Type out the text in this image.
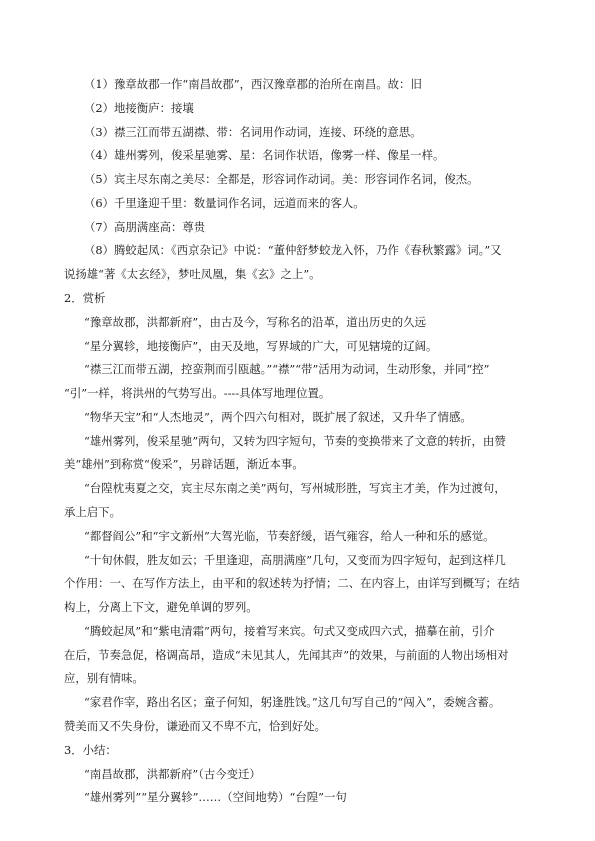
（1）豫章故郡一作“南昌故郡”，西汉豫章郡的治所在南昌。故：旧
（2）地接衡庐：接壤
（3）襟三江而带五湖襟、带：名词用作动词，连接、环绕的意思。
（4）雄州雾列，俊采星驰雾、星：名词作状语，像雾一样、像星一样。
（5）宾主尽东南之美尽：全都是，形容词作动词。美：形容词作名词，俊杰。
（6）千里逢迎千里：数量词作名词，远道而来的客人。
（7）高朋满座高：尊贵
（8）腾蛟起凤：《西京杂记》中说：“董仲舒梦蛟龙入怀，乃作《春秋繁露》词。”又
说扬雄“著《太玄经》，梦吐凤凰，集《玄》之上”。
2．赏析
“豫章故郡，洪都新府”，由古及今，写称名的沿革，道出历史的久远
“星分翼轸，地接衡庐”，由天及地，写界域的广大，可见辖境的辽阔。
“襟三江而带五湖，控蛮荆而引瓯越。”“襟”“带”活用为动词，生动形象，并同“控”
“引”一样，将洪州的气势写出。----具体写地理位置。
“物华天宝”和“人杰地灵”，两个四六句相对，既扩展了叙述，又升华了情感。
“雄州雾列，俊采星驰”两句，又转为四字短句，节奏的变换带来了文意的转折，由赞
美“雄州”到称赏“俊采”，另辟话题，渐近本事。
“台隍枕夷夏之交，宾主尽东南之美”两句，写州城形胜，写宾主才美，作为过渡句，
承上启下。
“都督阎公”和“宇文新州”大驾光临，节奏舒缓，语气雍容，给人一种和乐的感觉。
“十旬休假，胜友如云；千里逢迎，高朋满座”几句，又变而为四字短句，起到这样几
个作用：一、在写作方法上，由平和的叙述转为抒情；二、在内容上，由详写到概写；在结
构上，分离上下文，避免单调的罗列。
“腾蛟起凤”和“紫电清霜”两句，接着写来宾。句式又变成四六式，描摹在前，引介
在后，节奏急促，格调高昂，造成“未见其人，先闻其声”的效果，与前面的人物出场相对
应，别有情味。
“家君作宰，路出名区；童子何知，躬逢胜饯。”这几句写自己的“闯入”，委婉含蓄。
赞美而又不失身份，谦逊而又不卑不亢，恰到好处。
3．小结：
“南昌故郡，洪都新府”（古今变迁）
“雄州雾列”“星分翼轸”……（空间地势）“台隍”一句
